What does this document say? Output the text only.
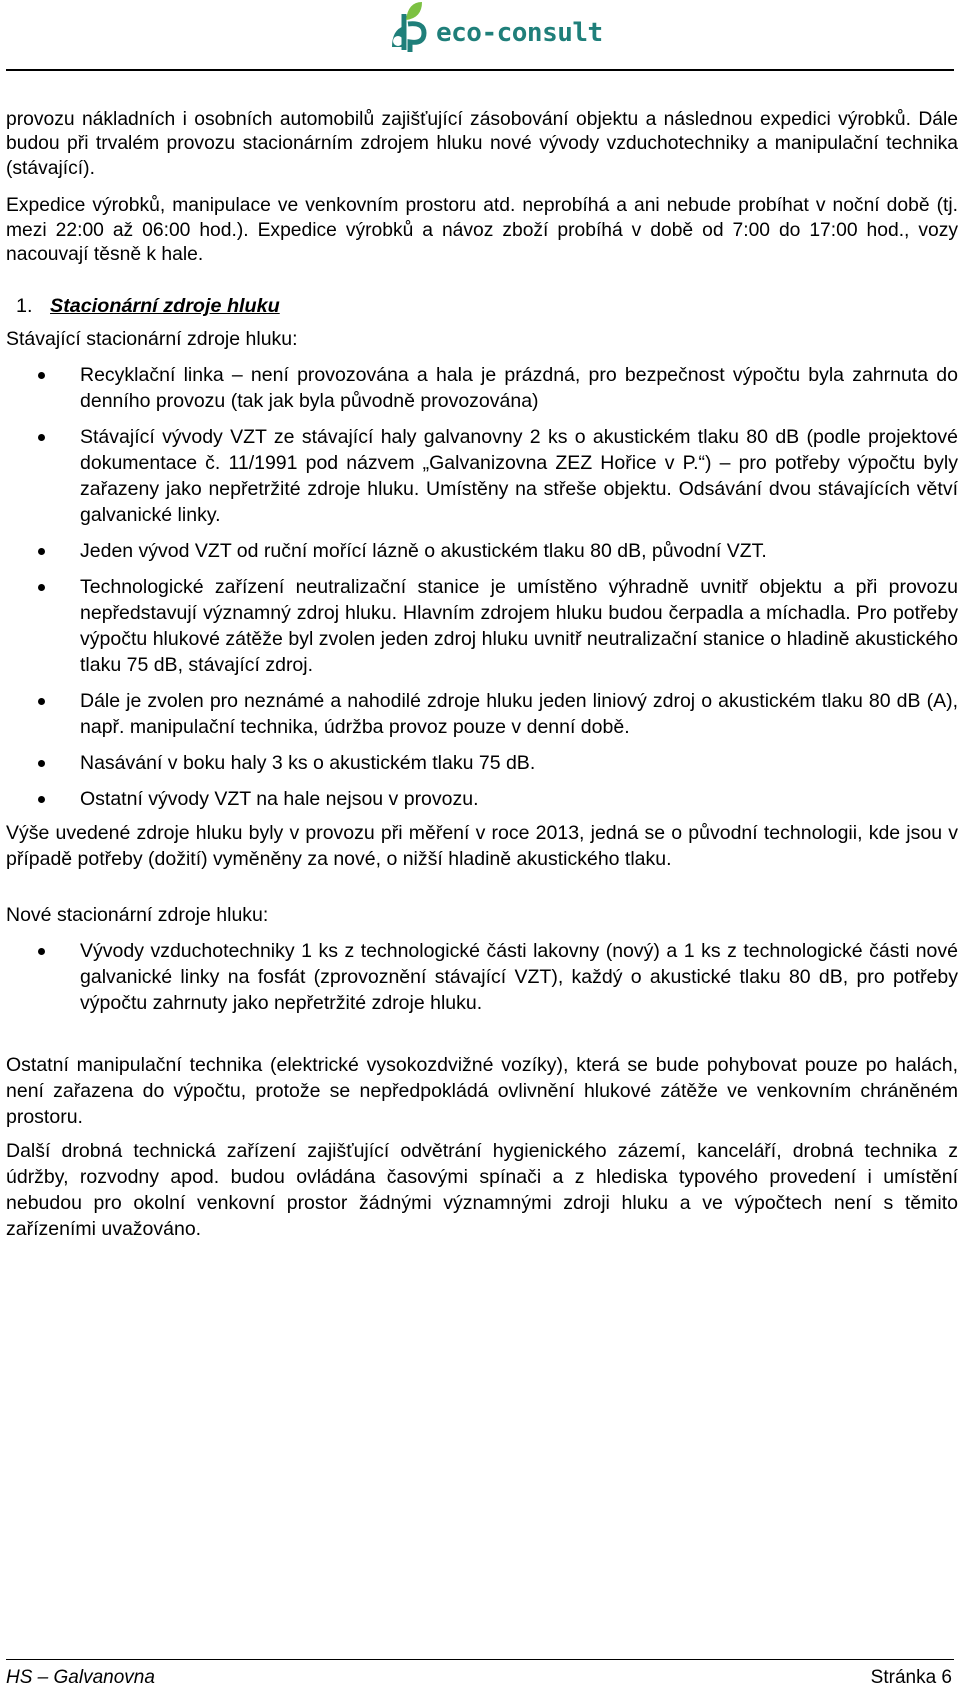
eco-consult

provozu nákladních i osobních automobilů zajišťující zásobování objektu a následnou expedici výrobků. Dále budou při trvalém provozu stacionárním zdrojem hluku nové vývody vzduchotechniky a manipulační technika (stávající).

Expedice výrobků, manipulace ve venkovním prostoru atd. neprobíhá a ani nebude probíhat v noční době (tj. mezi 22:00 až 06:00 hod.). Expedice výrobků a návoz zboží probíhá v době od 7:00 do 17:00 hod., vozy nacouvají těsně k hale.

1. Stacionární zdroje hluku

Stávající stacionární zdroje hluku:

Recyklační linka – není provozována a hala je prázdná, pro bezpečnost výpočtu byla zahrnuta do denního provozu (tak jak byla původně provozována)
Stávající vývody VZT ze stávající haly galvanovny 2 ks o akustickém tlaku 80 dB (podle projektové dokumentace č. 11/1991 pod názvem „Galvanizovna ZEZ Hořice v P.“) – pro potřeby výpočtu byly zařazeny jako nepřetržité zdroje hluku. Umístěny na střeše objektu. Odsávání dvou stávajících větví galvanické linky.
Jeden vývod VZT od ruční mořící lázně o akustickém tlaku 80 dB, původní VZT.
Technologické zařízení neutralizační stanice je umístěno výhradně uvnitř objektu a při provozu nepředstavují významný zdroj hluku. Hlavním zdrojem hluku budou čerpadla a míchadla. Pro potřeby výpočtu hlukové zátěže byl zvolen jeden zdroj hluku uvnitř neutralizační stanice o hladině akustického tlaku 75 dB, stávající zdroj.
Dále je zvolen pro neznámé a nahodilé zdroje hluku jeden liniový zdroj o akustickém tlaku 80 dB (A), např. manipulační technika, údržba provoz pouze v denní době.
Nasávání v boku haly 3 ks o akustickém tlaku 75 dB.
Ostatní vývody VZT na hale nejsou v provozu.

Výše uvedené zdroje hluku byly v provozu při měření v roce 2013, jedná se o původní technologii, kde jsou v případě potřeby (dožití) vyměněny za nové, o nižší hladině akustického tlaku.

Nové stacionární zdroje hluku:

Vývody vzduchotechniky 1 ks z technologické části lakovny (nový) a 1 ks z technologické části nové galvanické linky na fosfát (zprovoznění stávající VZT), každý o akustické tlaku 80 dB, pro potřeby výpočtu zahrnuty jako nepřetržité zdroje hluku.

Ostatní manipulační technika (elektrické vysokozdvižné vozíky), která se bude pohybovat pouze po halách, není zařazena do výpočtu, protože se nepředpokládá ovlivnění hlukové zátěže ve venkovním chráněném prostoru.

Další drobná technická zařízení zajišťující odvětrání hygienického zázemí, kanceláří, drobná technika z údržby, rozvodny apod. budou ovládána časovými spínači a z hlediska typového provedení i umístění nebudou pro okolní venkovní prostor žádnými významnými zdroji hluku a ve výpočtech není s těmito zařízeními uvažováno.

HS – Galvanovna	Stránka 6
